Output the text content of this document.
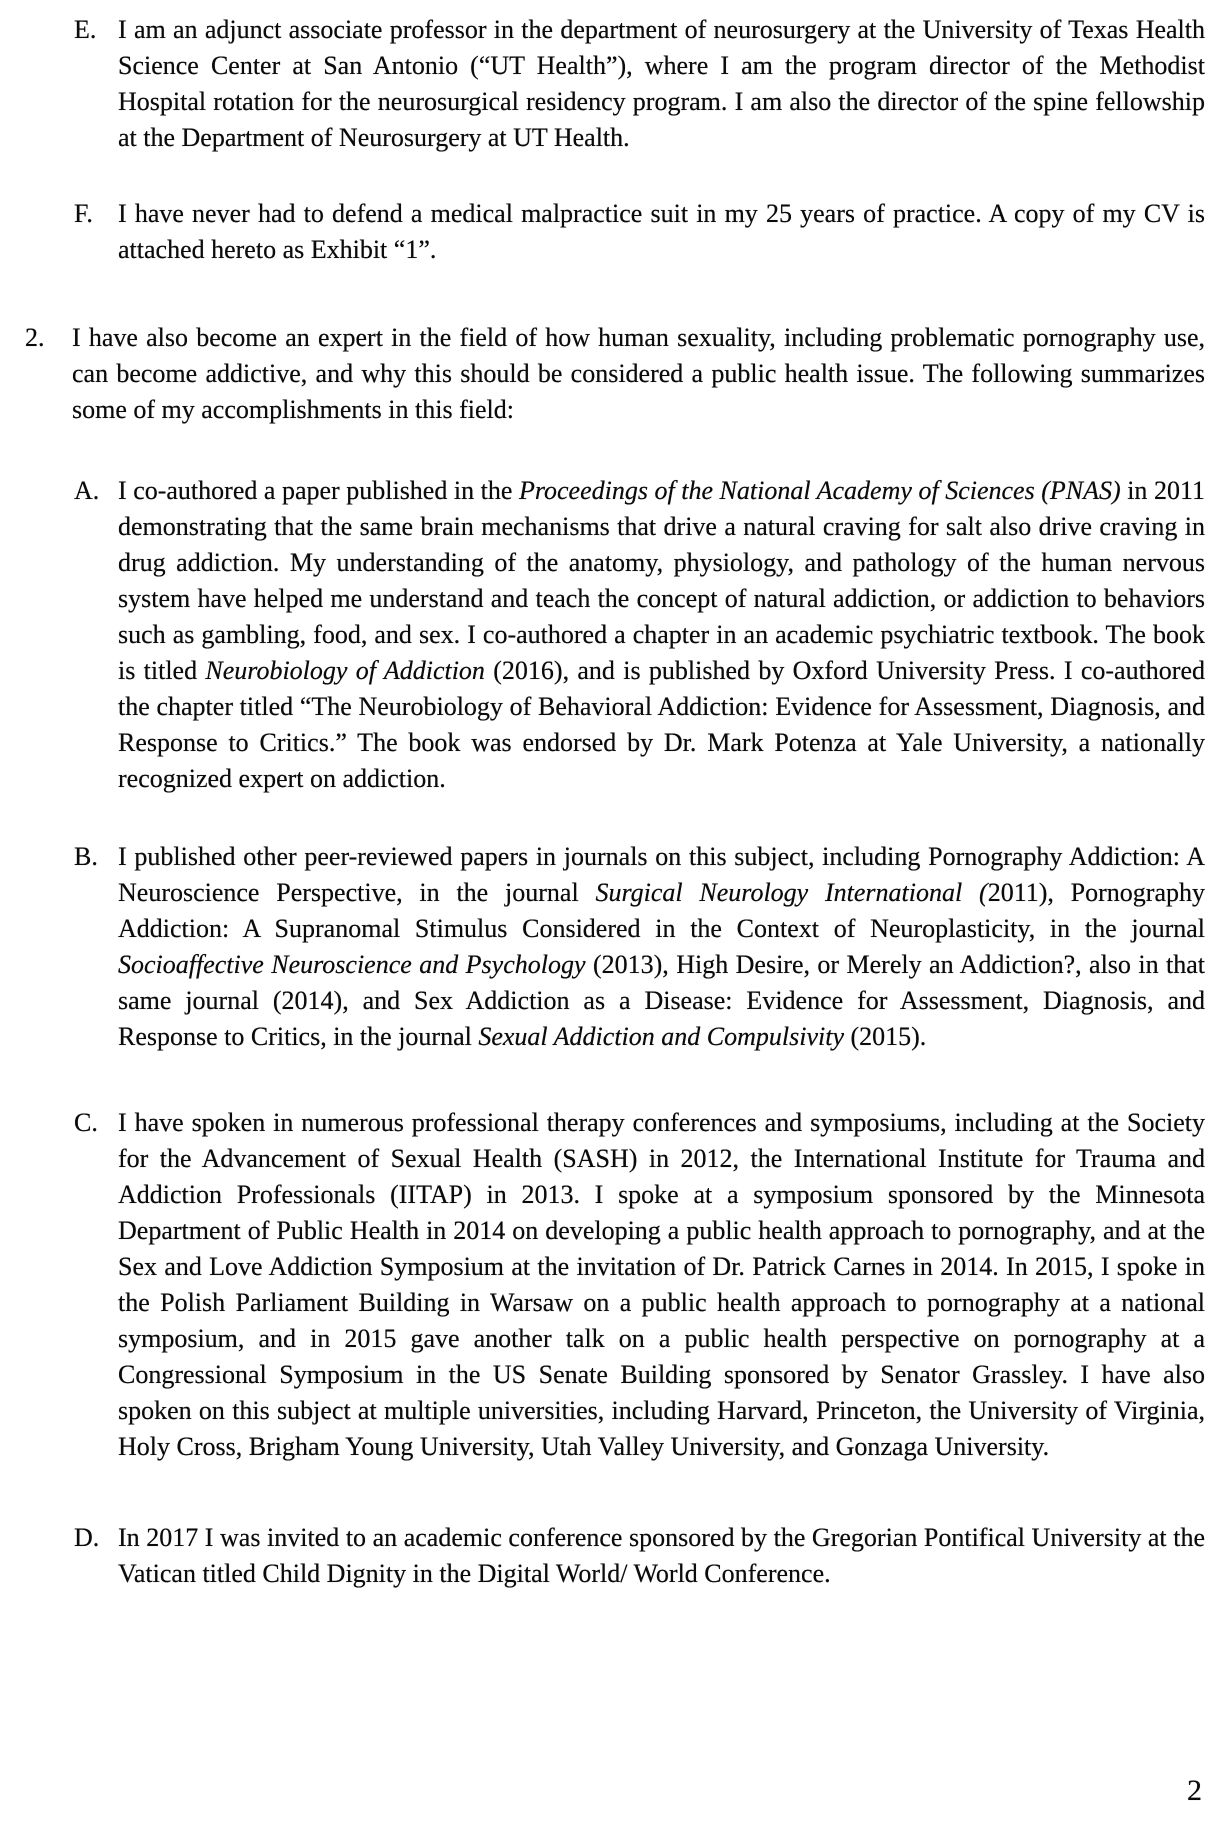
E. I am an adjunct associate professor in the department of neurosurgery at the University of Texas Health Science Center at San Antonio (“UT Health”), where I am the program director of the Methodist Hospital rotation for the neurosurgical residency program. I am also the director of the spine fellowship at the Department of Neurosurgery at UT Health.
F. I have never had to defend a medical malpractice suit in my 25 years of practice. A copy of my CV is attached hereto as Exhibit “1”.
2. I have also become an expert in the field of how human sexuality, including problematic pornography use, can become addictive, and why this should be considered a public health issue. The following summarizes some of my accomplishments in this field:
A. I co-authored a paper published in the Proceedings of the National Academy of Sciences (PNAS) in 2011 demonstrating that the same brain mechanisms that drive a natural craving for salt also drive craving in drug addiction. My understanding of the anatomy, physiology, and pathology of the human nervous system have helped me understand and teach the concept of natural addiction, or addiction to behaviors such as gambling, food, and sex. I co-authored a chapter in an academic psychiatric textbook. The book is titled Neurobiology of Addiction (2016), and is published by Oxford University Press. I co-authored the chapter titled “The Neurobiology of Behavioral Addiction: Evidence for Assessment, Diagnosis, and Response to Critics.” The book was endorsed by Dr. Mark Potenza at Yale University, a nationally recognized expert on addiction.
B. I published other peer-reviewed papers in journals on this subject, including Pornography Addiction: A Neuroscience Perspective, in the journal Surgical Neurology International (2011), Pornography Addiction: A Supranomal Stimulus Considered in the Context of Neuroplasticity, in the journal Socioaffective Neuroscience and Psychology (2013), High Desire, or Merely an Addiction?, also in that same journal (2014), and Sex Addiction as a Disease: Evidence for Assessment, Diagnosis, and Response to Critics, in the journal Sexual Addiction and Compulsivity (2015).
C. I have spoken in numerous professional therapy conferences and symposiums, including at the Society for the Advancement of Sexual Health (SASH) in 2012, the International Institute for Trauma and Addiction Professionals (IITAP) in 2013. I spoke at a symposium sponsored by the Minnesota Department of Public Health in 2014 on developing a public health approach to pornography, and at the Sex and Love Addiction Symposium at the invitation of Dr. Patrick Carnes in 2014. In 2015, I spoke in the Polish Parliament Building in Warsaw on a public health approach to pornography at a national symposium, and in 2015 gave another talk on a public health perspective on pornography at a Congressional Symposium in the US Senate Building sponsored by Senator Grassley. I have also spoken on this subject at multiple universities, including Harvard, Princeton, the University of Virginia, Holy Cross, Brigham Young University, Utah Valley University, and Gonzaga University.
D. In 2017 I was invited to an academic conference sponsored by the Gregorian Pontifical University at the Vatican titled Child Dignity in the Digital World/ World Conference.
2
